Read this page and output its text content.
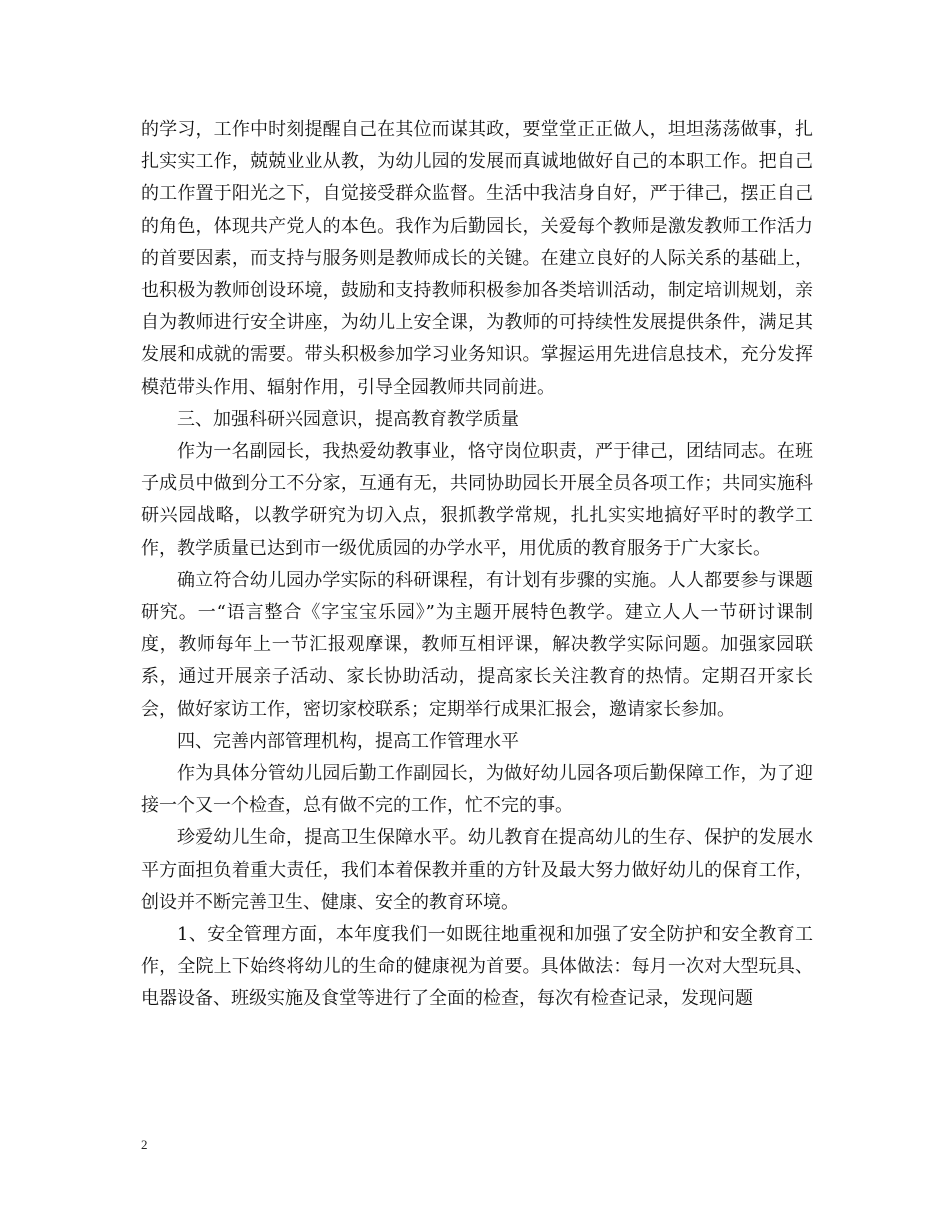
的学习，工作中时刻提醒自己在其位而谋其政，要堂堂正正做人，坦坦荡荡做事，扎扎实实工作，兢兢业业从教，为幼儿园的发展而真诚地做好自己的本职工作。把自己的工作置于阳光之下，自觉接受群众监督。生活中我洁身自好，严于律己，摆正自己的角色，体现共产党人的本色。我作为后勤园长，关爱每个教师是激发教师工作活力的首要因素，而支持与服务则是教师成长的关键。在建立良好的人际关系的基础上，也积极为教师创设环境，鼓励和支持教师积极参加各类培训活动，制定培训规划，亲自为教师进行安全讲座，为幼儿上安全课，为教师的可持续性发展提供条件，满足其发展和成就的需要。带头积极参加学习业务知识。掌握运用先进信息技术，充分发挥模范带头作用、辐射作用，引导全园教师共同前进。

三、加强科研兴园意识，提高教育教学质量

作为一名副园长，我热爱幼教事业，恪守岗位职责，严于律己，团结同志。在班子成员中做到分工不分家，互通有无，共同协助园长开展全员各项工作；共同实施科研兴园战略，以教学研究为切入点，狠抓教学常规，扎扎实实地搞好平时的教学工作，教学质量已达到市一级优质园的办学水平，用优质的教育服务于广大家长。

确立符合幼儿园办学实际的科研课程，有计划有步骤的实施。人人都要参与课题研究。一“语言整合《字宝宝乐园》”为主题开展特色教学。建立人人一节研讨课制度，教师每年上一节汇报观摩课，教师互相评课，解决教学实际问题。加强家园联系，通过开展亲子活动、家长协助活动，提高家长关注教育的热情。定期召开家长会，做好家访工作，密切家校联系；定期举行成果汇报会，邀请家长参加。

四、完善内部管理机构，提高工作管理水平

作为具体分管幼儿园后勤工作副园长，为做好幼儿园各项后勤保障工作，为了迎接一个又一个检查，总有做不完的工作，忙不完的事。

珍爱幼儿生命，提高卫生保障水平。幼儿教育在提高幼儿的生存、保护的发展水平方面担负着重大责任，我们本着保教并重的方针及最大努力做好幼儿的保育工作，创设并不断完善卫生、健康、安全的教育环境。

1、安全管理方面，本年度我们一如既往地重视和加强了安全防护和安全教育工作，全院上下始终将幼儿的生命的健康视为首要。具体做法：每月一次对大型玩具、电器设备、班级实施及食堂等进行了全面的检查，每次有检查记录，发现问题

2
